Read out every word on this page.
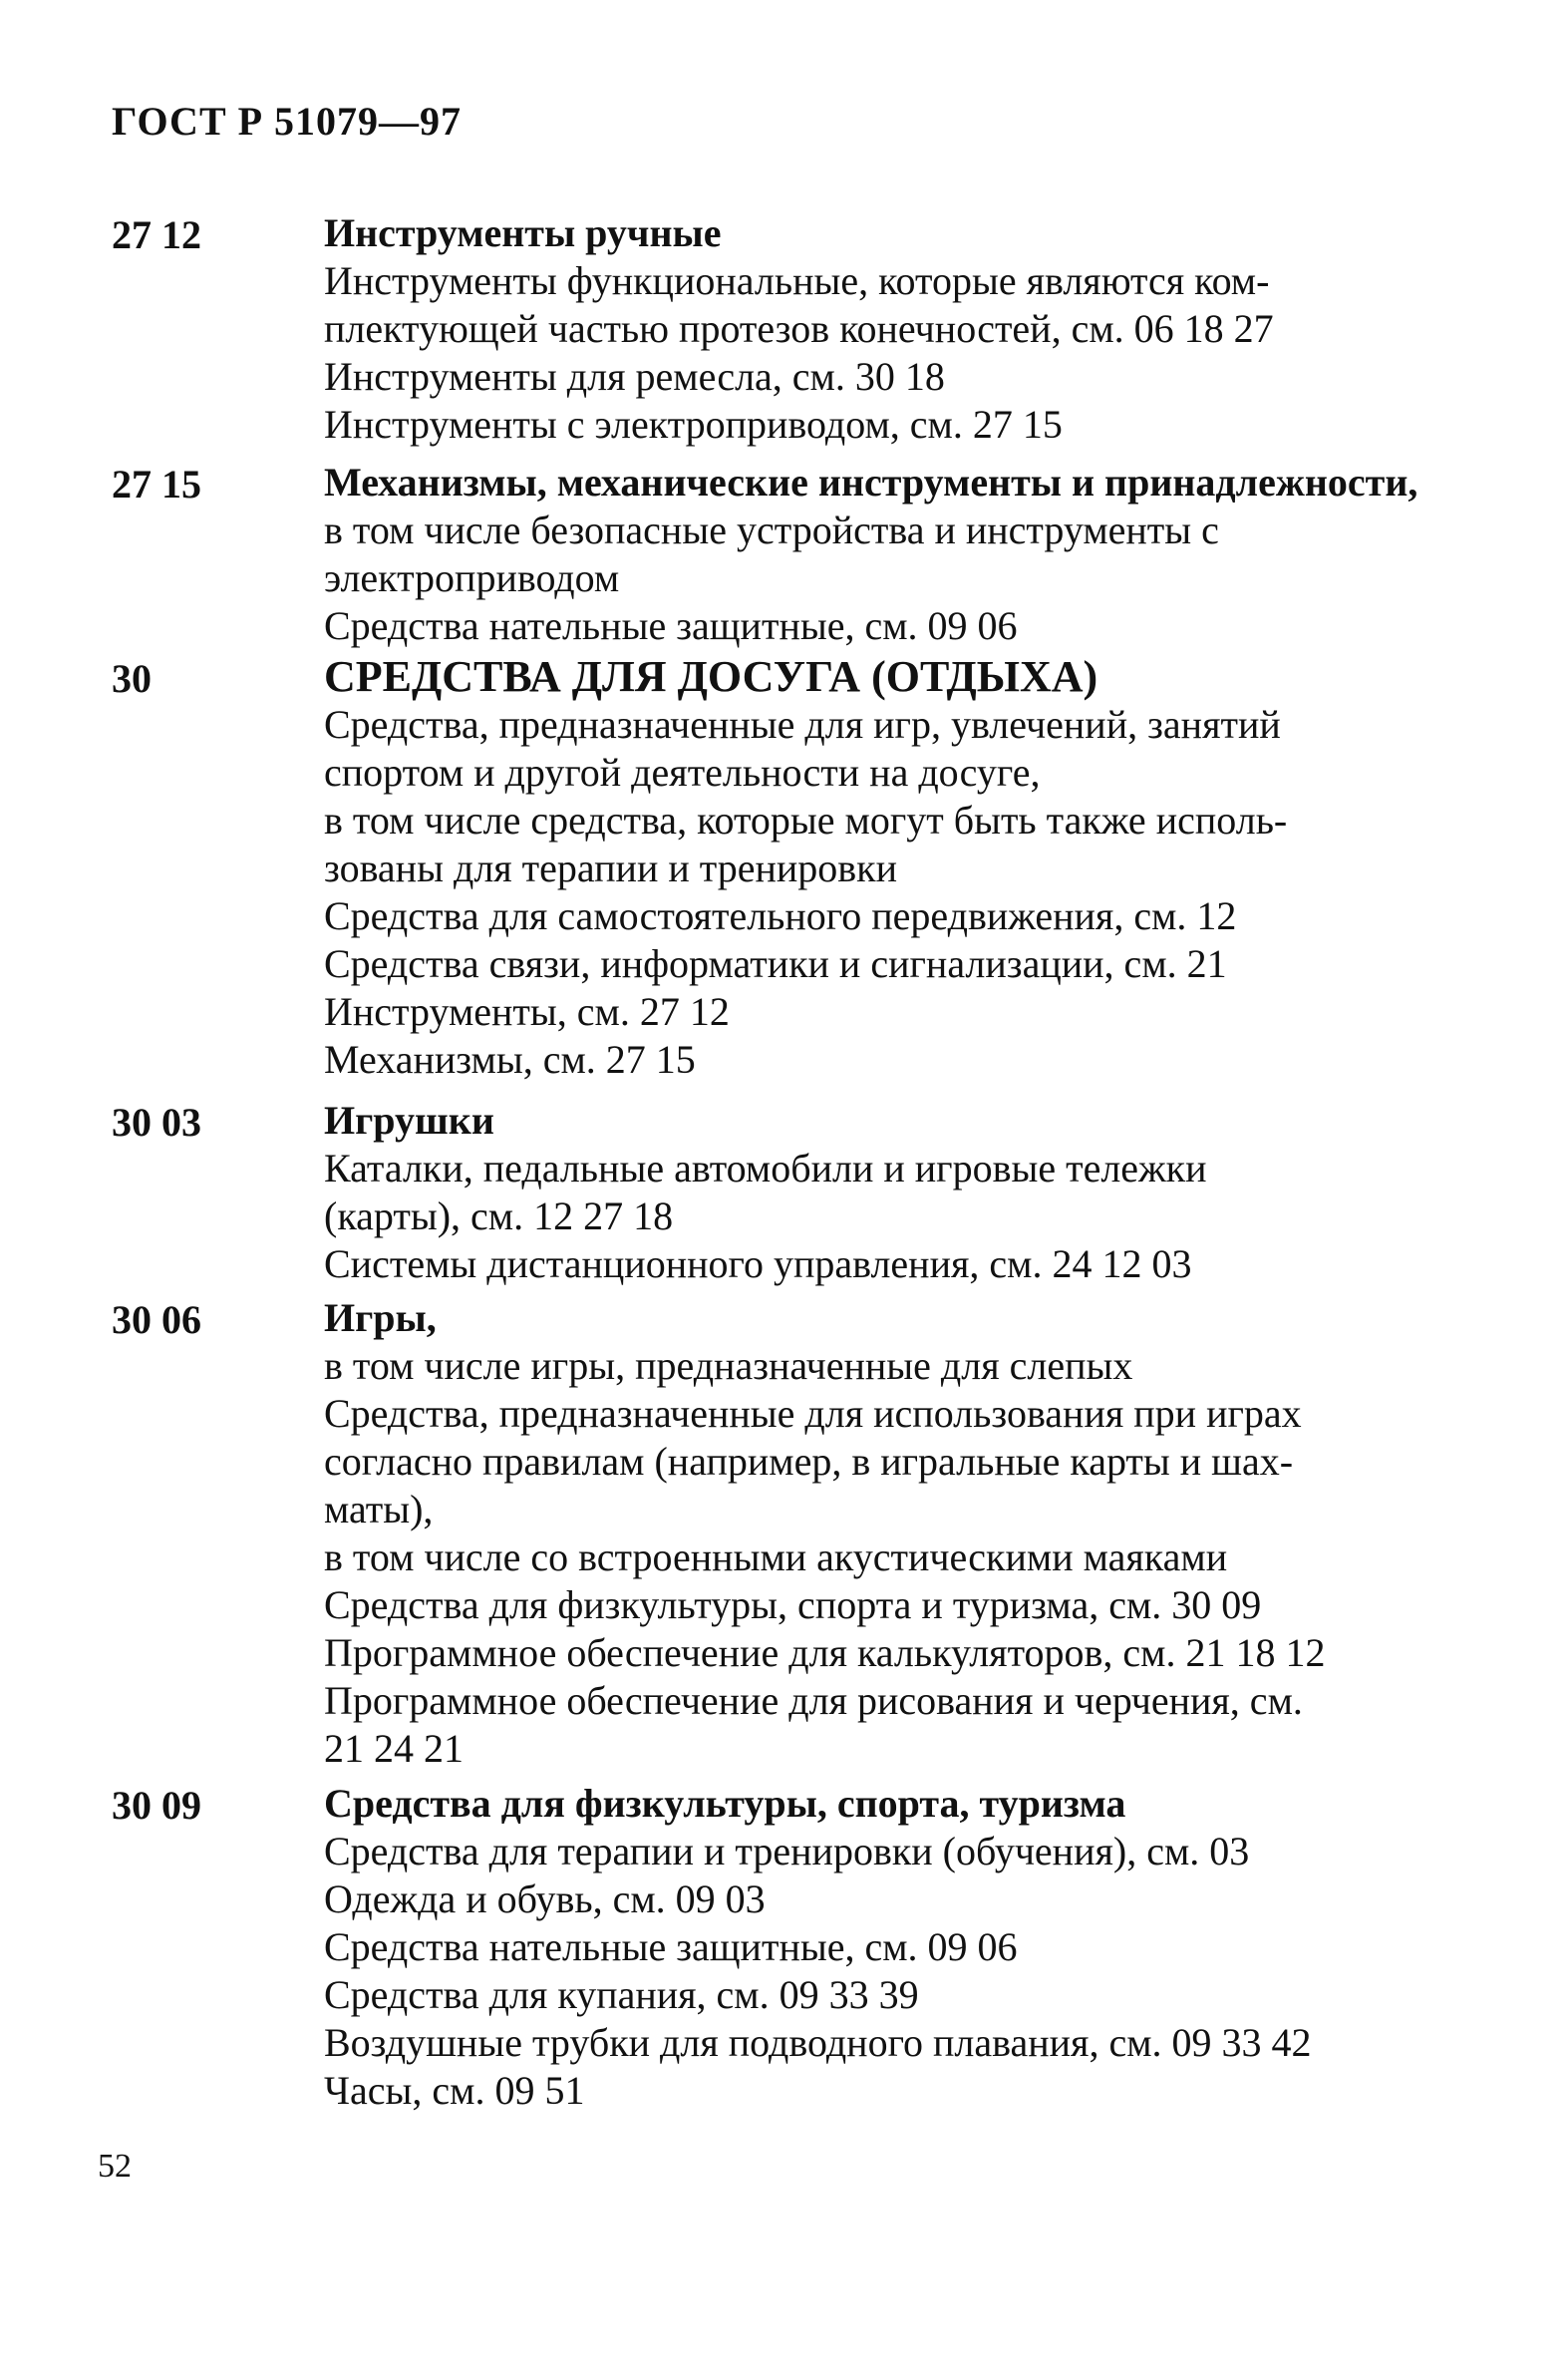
ГОСТ Р 51079—97
27 12	Инструменты ручные
Инструменты функциональные, которые являются ком-
плектующей частью протезов конечностей, см. 06 18 27
Инструменты для ремесла, см. 30 18
Инструменты с электроприводом, см. 27 15
27 15	Механизмы, механические инструменты и принадлежности,
в том числе безопасные устройства и инструменты с
электроприводом
Средства нательные защитные, см. 09 06
30	СРЕДСТВА ДЛЯ ДОСУГА (ОТДЫХА)
Средства, предназначенные для игр, увлечений, занятий
спортом и другой деятельности на досуге,
в том числе средства, которые могут быть также исполь-
зованы для терапии и тренировки
Средства для самостоятельного передвижения, см. 12
Средства связи, информатики и сигнализации, см. 21
Инструменты, см. 27 12
Механизмы, см. 27 15
30 03	Игрушки
Каталки, педальные автомобили и игровые тележки
(карты), см. 12 27 18
Системы дистанционного управления, см. 24 12 03
30 06	Игры,
в том числе игры, предназначенные для слепых
Средства, предназначенные для использования при играх
согласно правилам (например, в игральные карты и шах-
маты),
в том числе со встроенными акустическими маяками
Средства для физкультуры, спорта и туризма, см. 30 09
Программное обеспечение для калькуляторов, см. 21 18 12
Программное обеспечение для рисования и черчения, см.
21 24 21
30 09	Средства для физкультуры, спорта, туризма
Средства для терапии и тренировки (обучения), см. 03
Одежда и обувь, см. 09 03
Средства нательные защитные, см. 09 06
Средства для купания, см. 09 33 39
Воздушные трубки для подводного плавания, см. 09 33 42
Часы, см. 09 51
52
